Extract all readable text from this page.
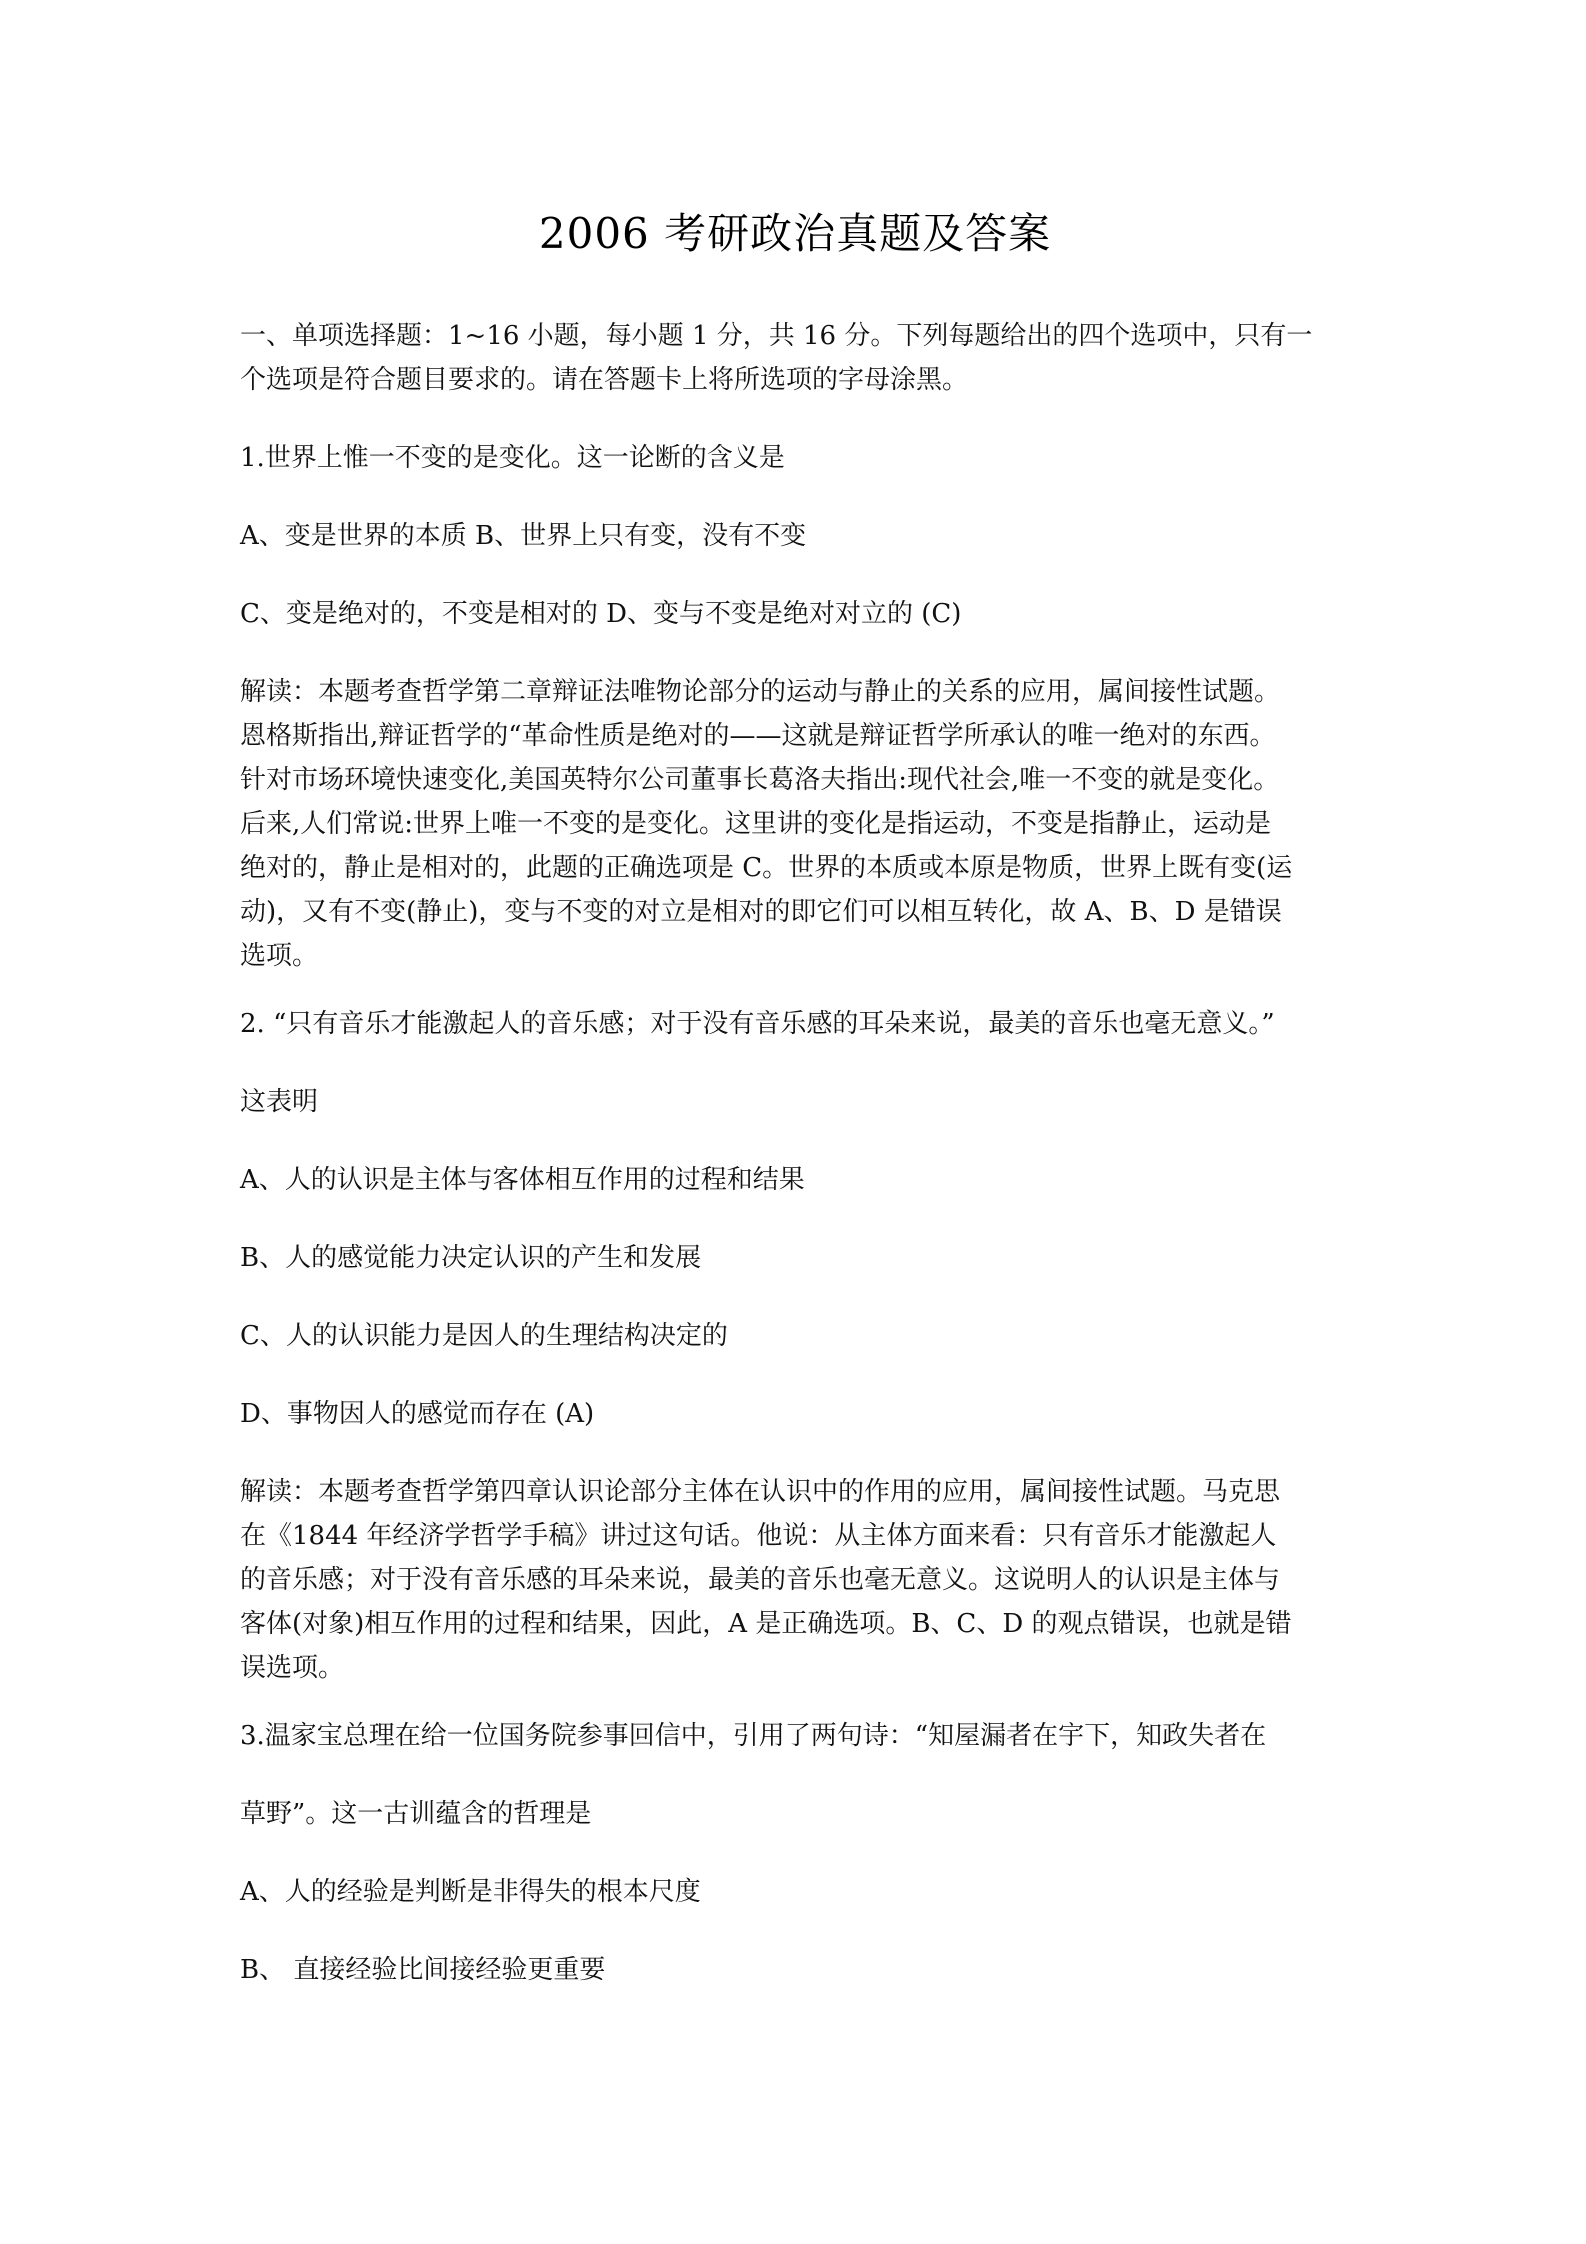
2006 考研政治真题及答案

一、单项选择题：1~16 小题，每小题 1 分，共 16 分。下列每题给出的四个选项中，只有一
个选项是符合题目要求的。请在答题卡上将所选项的字母涂黑。

1.世界上惟一不变的是变化。这一论断的含义是

A、变是世界的本质 B、世界上只有变，没有不变

C、变是绝对的，不变是相对的 D、变与不变是绝对对立的 (C)

解读：本题考查哲学第二章辩证法唯物论部分的运动与静止的关系的应用，属间接性试题。
恩格斯指出,辩证哲学的“革命性质是绝对的——这就是辩证哲学所承认的唯一绝对的东西。
针对市场环境快速变化,美国英特尔公司董事长葛洛夫指出:现代社会,唯一不变的就是变化。
后来,人们常说:世界上唯一不变的是变化。这里讲的变化是指运动，不变是指静止，运动是
绝对的，静止是相对的，此题的正确选项是 C。世界的本质或本原是物质，世界上既有变(运
动)，又有不变(静止)，变与不变的对立是相对的即它们可以相互转化，故 A、B、D 是错误
选项。

2. “只有音乐才能激起人的音乐感；对于没有音乐感的耳朵来说，最美的音乐也毫无意义。”

这表明

A、人的认识是主体与客体相互作用的过程和结果

B、人的感觉能力决定认识的产生和发展

C、人的认识能力是因人的生理结构决定的

D、事物因人的感觉而存在 (A)

解读：本题考查哲学第四章认识论部分主体在认识中的作用的应用，属间接性试题。马克思
在《1844 年经济学哲学手稿》讲过这句话。他说：从主体方面来看：只有音乐才能激起人
的音乐感；对于没有音乐感的耳朵来说，最美的音乐也毫无意义。这说明人的认识是主体与
客体(对象)相互作用的过程和结果，因此，A 是正确选项。B、C、D 的观点错误，也就是错
误选项。

3.温家宝总理在给一位国务院参事回信中，引用了两句诗：“知屋漏者在宇下，知政失者在

草野”。这一古训蕴含的哲理是

A、人的经验是判断是非得失的根本尺度

B、 直接经验比间接经验更重要
